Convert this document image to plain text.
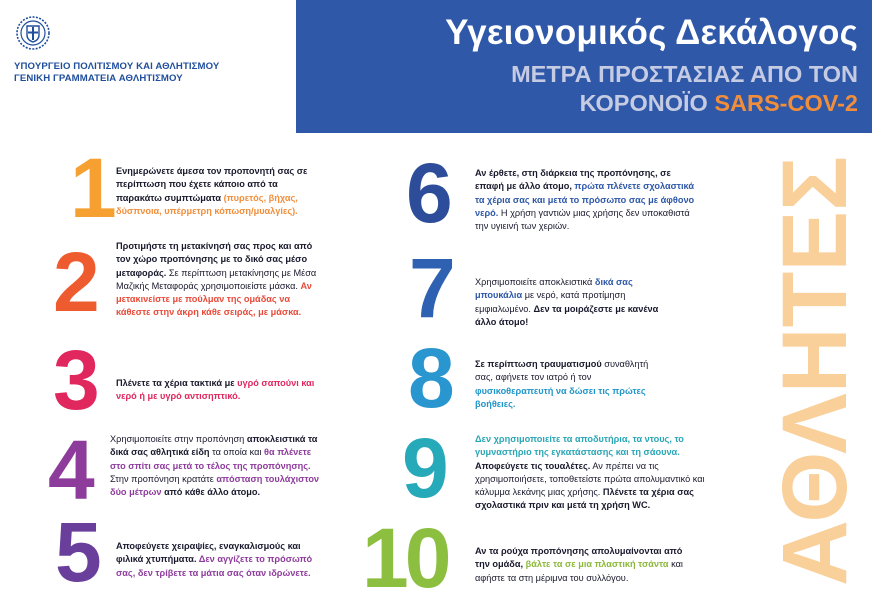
ΥΠΟΥΡΓΕΙΟ ΠΟΛΙΤΙΣΜΟΥ ΚΑΙ ΑΘΛΗΤΙΣΜΟΥ
ΓΕΝΙΚΗ ΓΡΑΜΜΑΤΕΙΑ ΑΘΛΗΤΙΣΜΟΥ
Υγειονομικός Δεκάλογος
ΜΕΤΡΑ ΠΡΟΣΤΑΣΙΑΣ ΑΠΟ ΤΟΝ
ΚΟΡΟΝΟΪΟ SARS-COV-2
ΑΘΛΗΤΕΣ
1 Ενημερώνετε άμεσα τον προπονητή σας σε περίπτωση που έχετε κάποιο από τα παρακάτω συμπτώματα (πυρετός, βήχας, δύσπνοια, υπέρμετρη κόπωση/μυαλγίες).
2 Προτιμήστε τη μετακίνησή σας προς και από τον χώρο προπόνησης με το δικό σας μέσο μεταφοράς. Σε περίπτωση μετακίνησης με Μέσα Μαζικής Μεταφοράς χρησιμοποιείστε μάσκα. Αν μετακινείστε με πούλμαν της ομάδας να κάθεστε στην άκρη κάθε σειράς, με μάσκα.
3 Πλένετε τα χέρια τακτικά με υγρό σαπούνι και νερό ή με υγρό αντισηπτικό.
4 Χρησιμοποιείτε στην προπόνηση αποκλειστικά τα δικά σας αθλητικά είδη τα οποία και θα πλένετε στο σπίτι σας μετά το τέλος της προπόνησης. Στην προπόνηση κρατάτε απόσταση τουλάχιστον δύο μέτρων από κάθε άλλο άτομο.
5 Αποφεύγετε χειραψίες, εναγκαλισμούς και φιλικά χτυπήματα. Δεν αγγίζετε το πρόσωπό σας, δεν τρίβετε τα μάτια σας όταν ιδρώνετε.
6	Αν έρθετε, στη διάρκεια της προπόνησης, σε επαφή με άλλο άτομο, πρώτα πλένετε σχολαστικά τα χέρια σας και μετά το πρόσωπο σας με άφθονο νερό. Η χρήση γαντιών μιας χρήσης δεν υποκαθιστά την υγιεινή των χεριών.
7	Χρησιμοποιείτε αποκλειστικά δικά σας μπουκάλια με νερό, κατά προτίμηση εμφιαλωμένο. Δεν τα μοιράζεστε με κανένα άλλο άτομο!
8	Σε περίπτωση τραυματισμού συναθλητή σας, αφήνετε τον ιατρό ή τον φυσικοθεραπευτή να δώσει τις πρώτες βοήθειες.
9	Δεν χρησιμοποιείτε τα αποδυτήρια, τα ντους, το γυμναστήριο της εγκατάστασης και τη σάουνα. Αποφεύγετε τις τουαλέτες. Αν πρέπει να τις χρησιμοποιήσετε, τοποθετείστε πρώτα απολυμαντικό και κάλυμμα λεκάνης μιας χρήσης. Πλένετε τα χέρια σας σχολαστικά πριν και μετά τη χρήση WC.
10	Αν τα ρούχα προπόνησης απολυμαίνονται από την ομάδα, βάλτε τα σε μια πλαστική τσάντα και αφήστε τα στη μέριμνα του συλλόγου.
